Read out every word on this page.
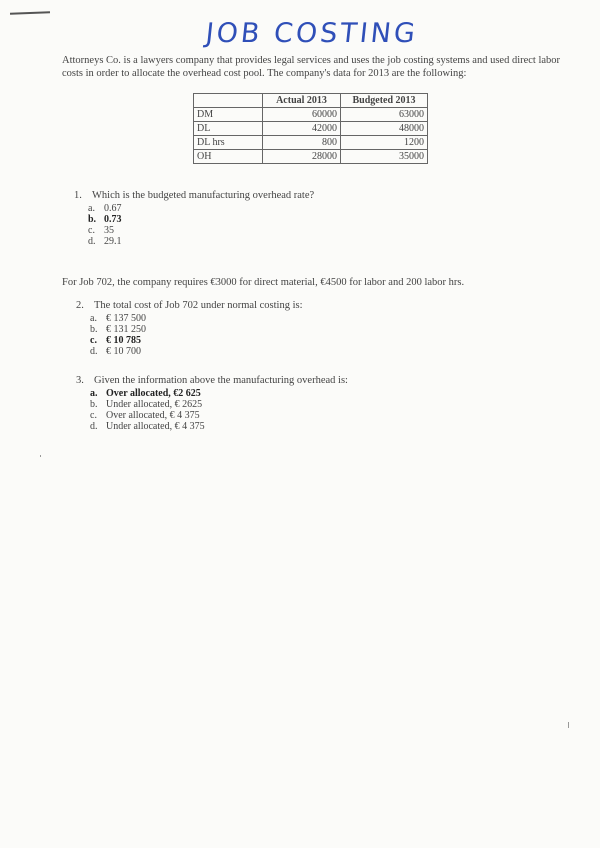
JOB COSTING
Attorneys Co. is a lawyers company that provides legal services and uses the job costing systems and used direct labor costs in order to allocate the overhead cost pool. The company's data for 2013 are the following:
	Actual 2013	Budgeted 2013
DM	60000	63000
DL	42000	48000
DL hrs	800	1200
OH	28000	35000
1. Which is the budgeted manufacturing overhead rate?
a. 0.67
b. 0.73
c. 35
d. 29.1
For Job 702, the company requires €3000 for direct material, €4500 for labor and 200 labor hrs.
2. The total cost of Job 702 under normal costing is:
a. € 137 500
b. € 131 250
c. € 10 785
d. € 10 700
3. Given the information above the manufacturing overhead is:
a. Over allocated, €2 625
b. Under allocated, € 2625
c. Over allocated, € 4 375
d. Under allocated, € 4 375
